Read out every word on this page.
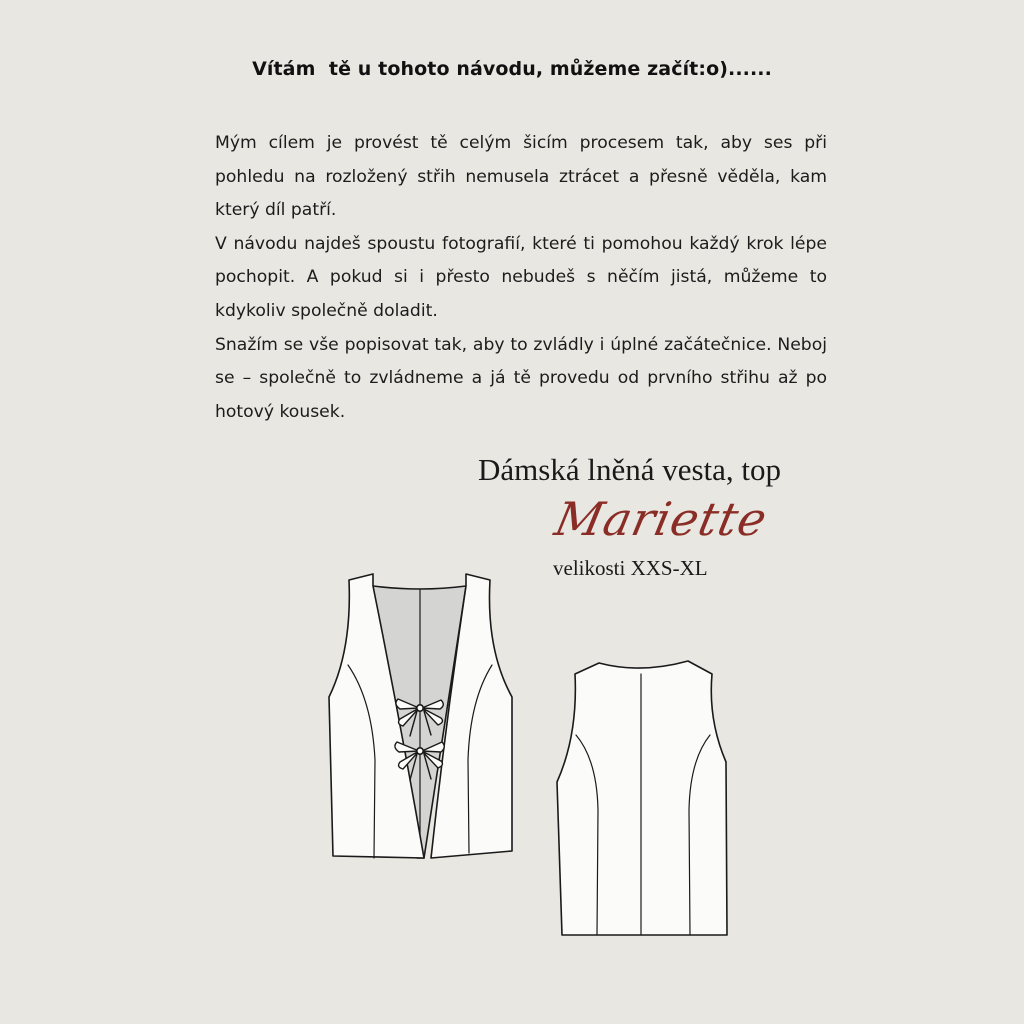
Vítám  tě u tohoto návodu, můžeme začít:o)......

Mým cílem je provést tě celým šicím procesem tak, aby ses při pohledu na rozložený střih nemusela ztrácet a přesně věděla, kam který díl patří.

V návodu najdeš spoustu fotografií, které ti pomohou každý krok lépe pochopit. A pokud si i přesto nebudeš s něčím jistá, můžeme to kdykoliv společně doladit.

Snažím se vše popisovat tak, aby to zvládly i úplné začátečnice. Neboj se – společně to zvládneme a já tě provedu od prvního střihu až po hotový kousek.

Dámská lněná vesta, top
Mariette
velikosti XXS-XL
